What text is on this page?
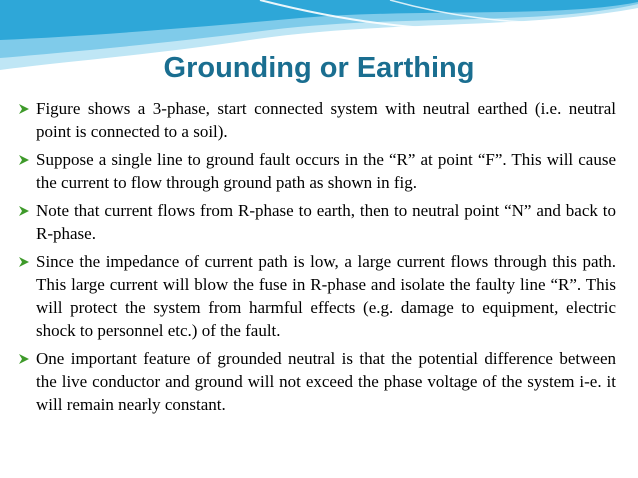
Grounding or Earthing
Figure shows a 3-phase, start connected system with neutral earthed (i.e. neutral point is connected to a soil).
Suppose a single line to ground fault occurs in the “R” at point “F”. This will cause the current to flow through ground path as shown in fig.
Note that current flows from R-phase to earth, then to neutral point “N” and back to R-phase.
Since the impedance of current path is low, a large current flows through this path. This large current will blow the fuse in R-phase and isolate the faulty line “R”. This will protect the system from harmful effects (e.g. damage to equipment, electric shock to personnel etc.) of the fault.
One important feature of grounded neutral is that the potential difference between the live conductor and ground will not exceed the phase voltage of the system i-e. it will remain nearly constant.
